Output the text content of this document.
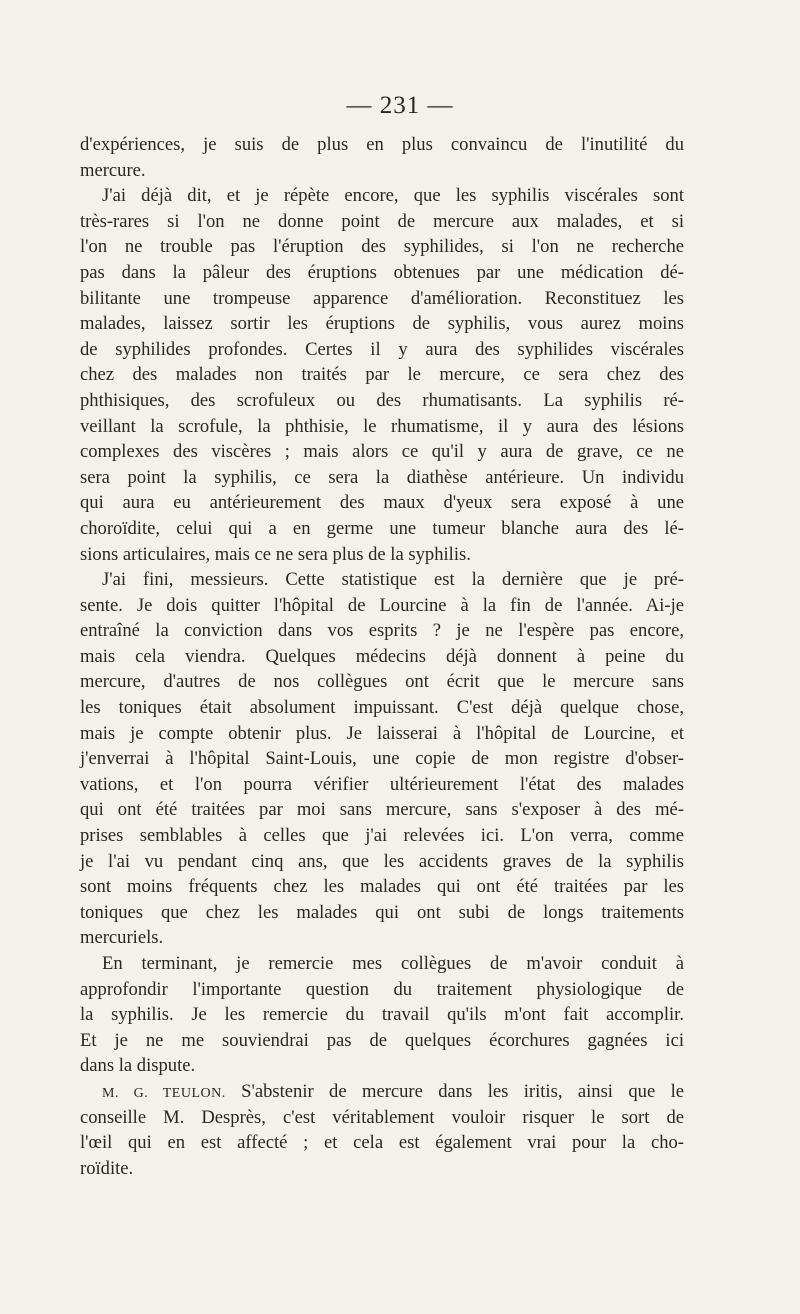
— 231 —
d'expériences, je suis de plus en plus convaincu de l'inutilité du
mercure.
J'ai déjà dit, et je répète encore, que les syphilis viscérales sont
très-rares si l'on ne donne point de mercure aux malades, et si
l'on ne trouble pas l'éruption des syphilides, si l'on ne recherche
pas dans la pâleur des éruptions obtenues par une médication dé-
bilitante une trompeuse apparence d'amélioration. Reconstituez les
malades, laissez sortir les éruptions de syphilis, vous aurez moins
de syphilides profondes. Certes il y aura des syphilides viscérales
chez des malades non traités par le mercure, ce sera chez des
phthisiques, des scrofuleux ou des rhumatisants. La syphilis ré-
veillant la scrofule, la phthisie, le rhumatisme, il y aura des lésions
complexes des viscères ; mais alors ce qu'il y aura de grave, ce ne
sera point la syphilis, ce sera la diathèse antérieure. Un individu
qui aura eu antérieurement des maux d'yeux sera exposé à une
choroïdite, celui qui a en germe une tumeur blanche aura des lé-
sions articulaires, mais ce ne sera plus de la syphilis.
J'ai fini, messieurs. Cette statistique est la dernière que je pré-
sente. Je dois quitter l'hôpital de Lourcine à la fin de l'année. Ai-je
entraîné la conviction dans vos esprits ? je ne l'espère pas encore,
mais cela viendra. Quelques médecins déjà donnent à peine du
mercure, d'autres de nos collègues ont écrit que le mercure sans
les toniques était absolument impuissant. C'est déjà quelque chose,
mais je compte obtenir plus. Je laisserai à l'hôpital de Lourcine, et
j'enverrai à l'hôpital Saint-Louis, une copie de mon registre d'obser-
vations, et l'on pourra vérifier ultérieurement l'état des malades
qui ont été traitées par moi sans mercure, sans s'exposer à des mé-
prises semblables à celles que j'ai relevées ici. L'on verra, comme
je l'ai vu pendant cinq ans, que les accidents graves de la syphilis
sont moins fréquents chez les malades qui ont été traitées par les
toniques que chez les malades qui ont subi de longs traitements
mercuriels.
En terminant, je remercie mes collègues de m'avoir conduit à
approfondir l'importante question du traitement physiologique de
la syphilis. Je les remercie du travail qu'ils m'ont fait accomplir.
Et je ne me souviendrai pas de quelques écorchures gagnées ici
dans la dispute.
M. G. TEULON. S'abstenir de mercure dans les iritis, ainsi que le
conseille M. Desprès, c'est véritablement vouloir risquer le sort de
l'œil qui en est affecté ; et cela est également vrai pour la cho-
roïdite.
